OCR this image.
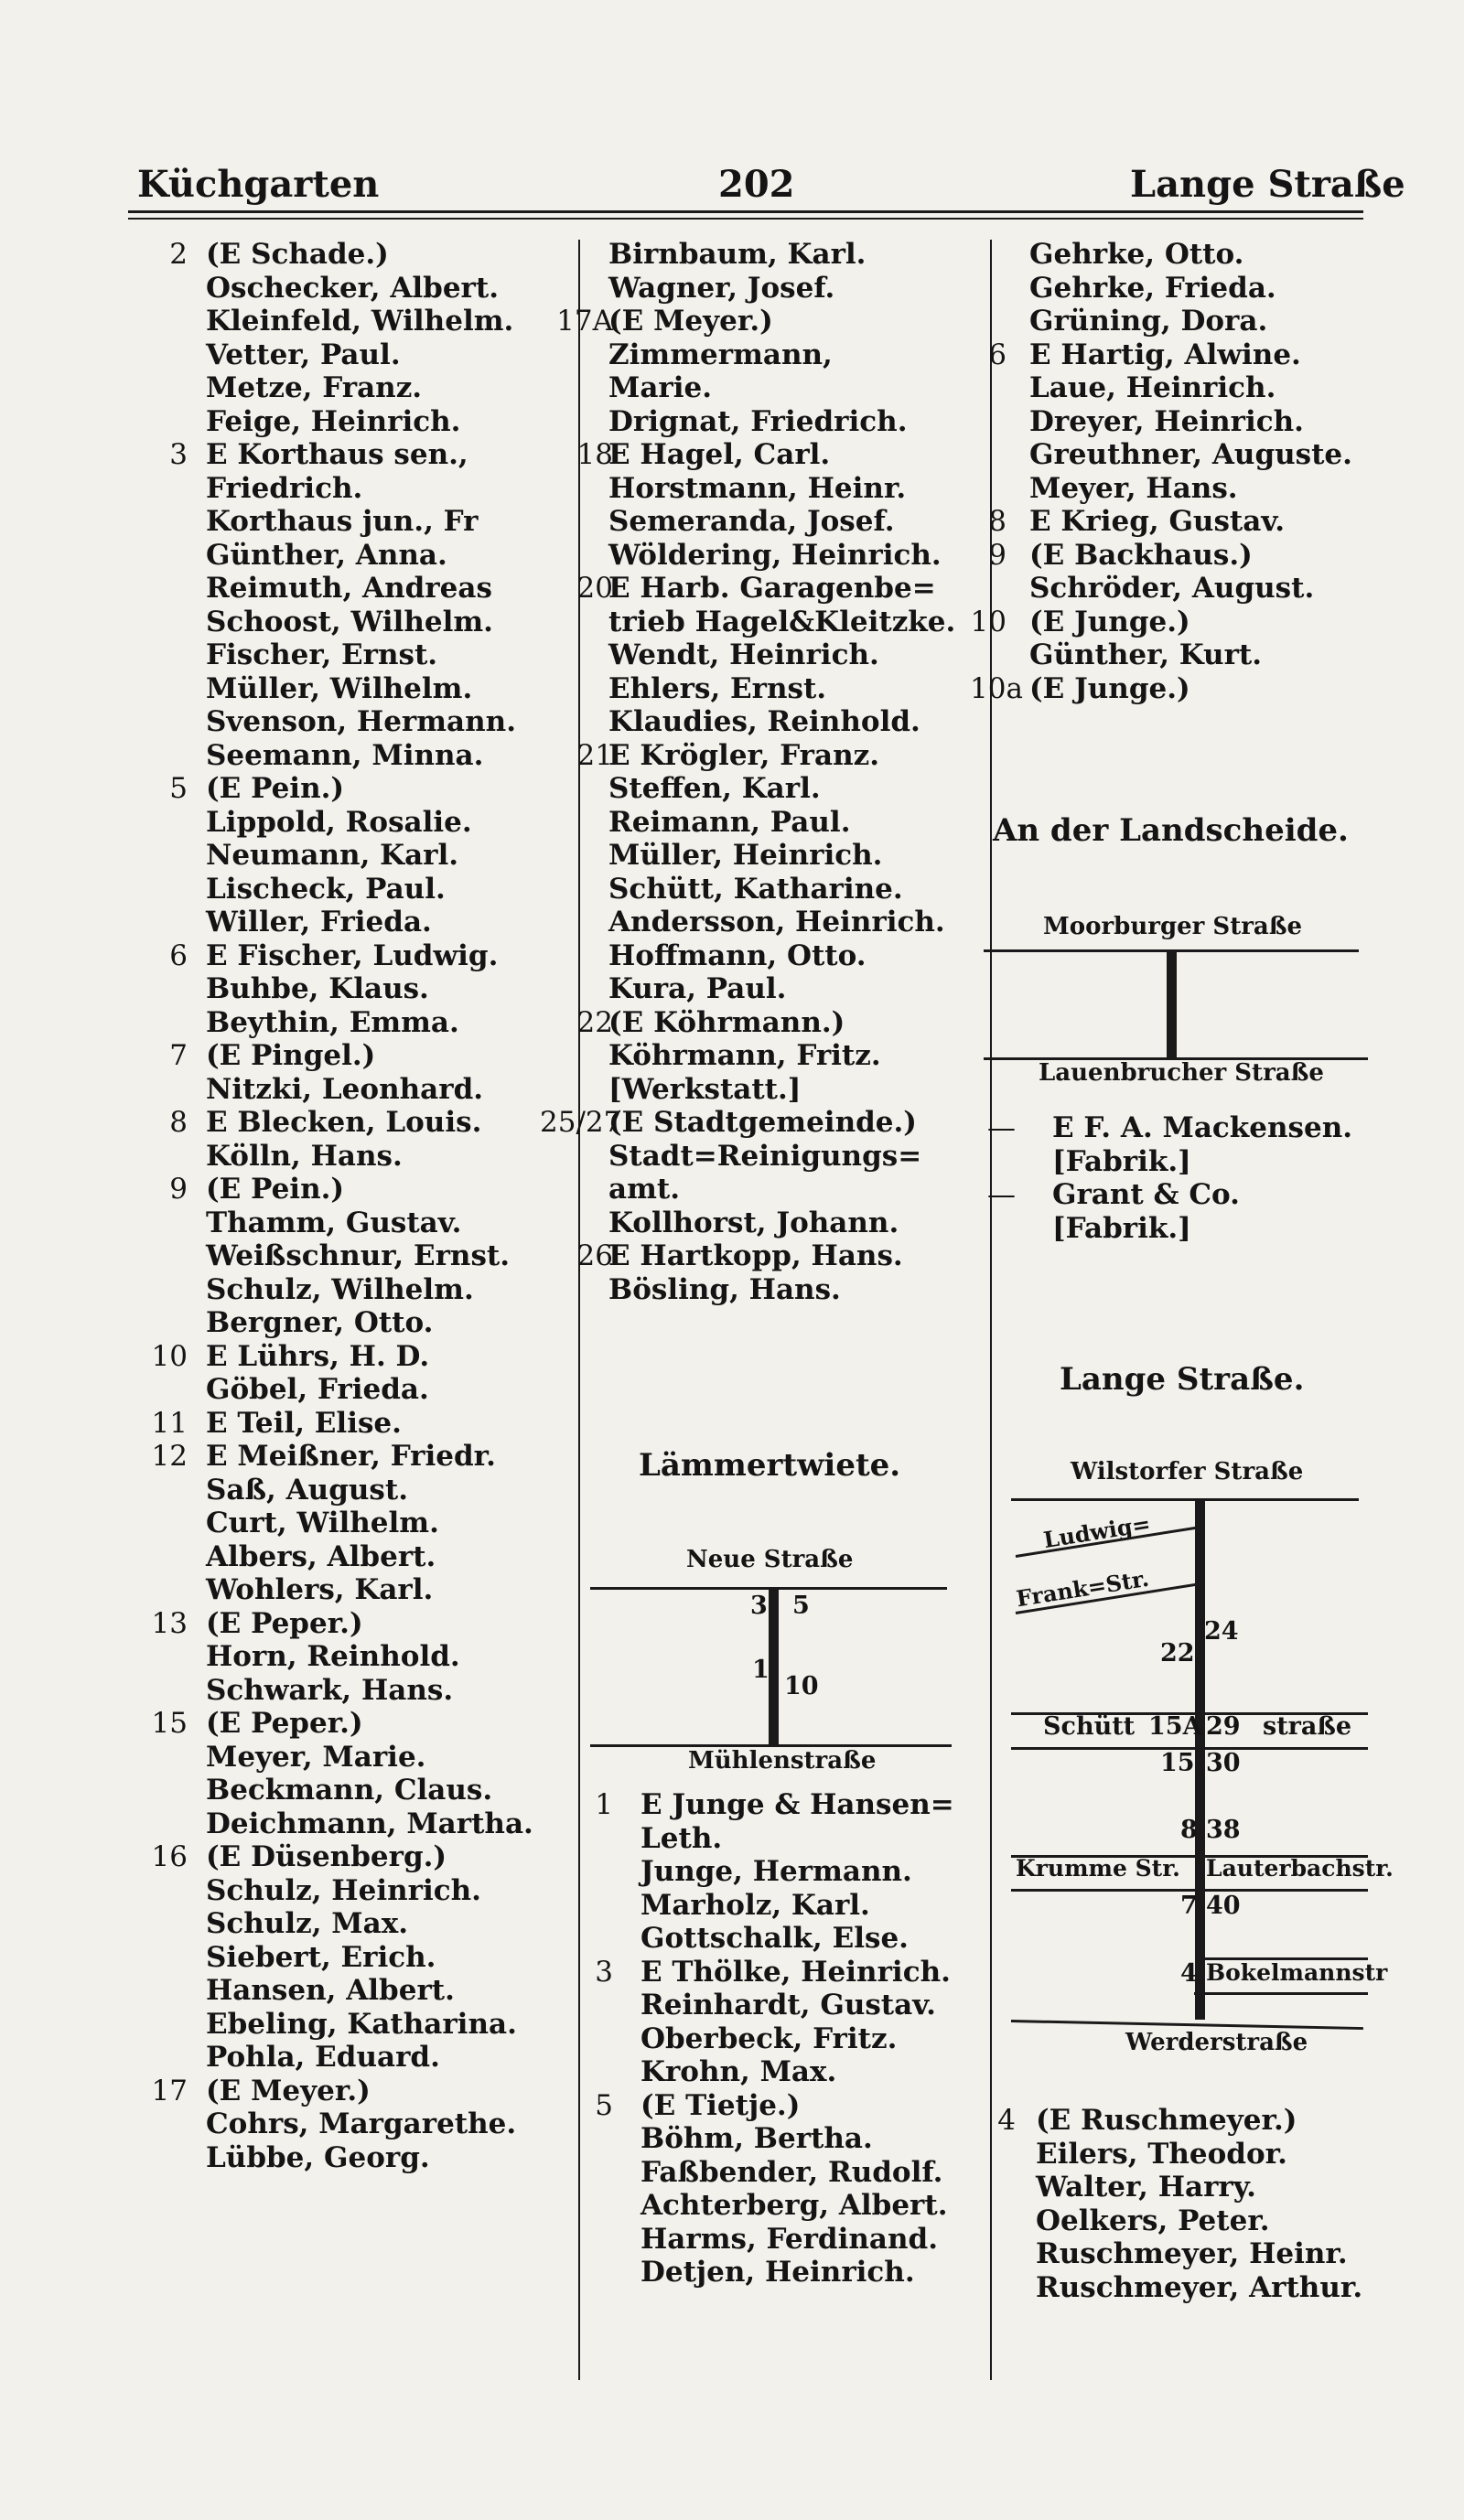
Küchgarten	202	Lange Straße
2 (E Schade.)
Oschecker, Albert.
Kleinfeld, Wilhelm.
Vetter, Paul.
Metze, Franz.
Feige, Heinrich.
3 E Korthaus sen.,
Friedrich.
Korthaus jun., Fr
Günther, Anna.
Reimuth, Andreas
Schoost, Wilhelm.
Fischer, Ernst.
Müller, Wilhelm.
Svenson, Hermann.
Seemann, Minna.
5 (E Pein.)
Lippold, Rosalie.
Neumann, Karl.
Lischeck, Paul.
Willer, Frieda.
6 E Fischer, Ludwig.
Buhbe, Klaus.
Beythin, Emma.
7 (E Pingel.)
Nitzki, Leonhard.
8 E Blecken, Louis.
Kölln, Hans.
9 (E Pein.)
Thamm, Gustav.
Weißschnur, Ernst.
Schulz, Wilhelm.
Bergner, Otto.
10 E Lührs, H. D.
Göbel, Frieda.
11 E Teil, Elise.
12 E Meißner, Friedr.
Saß, August.
Curt, Wilhelm.
Albers, Albert.
Wohlers, Karl.
13 (E Peper.)
Horn, Reinhold.
Schwark, Hans.
15 (E Peper.)
Meyer, Marie.
Beckmann, Claus.
Deichmann, Martha.
16 (E Düsenberg.)
Schulz, Heinrich.
Schulz, Max.
Siebert, Erich.
Hansen, Albert.
Ebeling, Katharina.
Pohla, Eduard.
17 (E Meyer.)
Cohrs, Margarethe.
Lübbe, Georg.
Birnbaum, Karl.
Wagner, Josef.
17A
(E Meyer.)
Zimmermann,
Marie.
Drignat, Friedrich.
18
E Hagel, Carl.
Horstmann, Heinr.
Semeranda, Josef.
Wöldering, Heinrich.
20
E Harb. Garagenbe=
trieb Hagel&Kleitzke.
Wendt, Heinrich.
Ehlers, Ernst.
Klaudies, Reinhold.
21
E Krögler, Franz.
Steffen, Karl.
Reimann, Paul.
Müller, Heinrich.
Schütt, Katharine.
Andersson, Heinrich.
Hoffmann, Otto.
Kura, Paul.
22
(E Köhrmann.)
Köhrmann, Fritz.
[Werkstatt.]
25/27
(E Stadtgemeinde.)
Stadt=Reinigungs=
amt.
Kollhorst, Johann.
26
E Hartkopp, Hans.
Bösling, Hans.
Lämmertwiete.
Neue Straße
3 5
1
10
Mühlenstraße
1 E Junge & Hansen=
Leth.
Junge, Hermann.
Marholz, Karl.
Gottschalk, Else.
3 E Thölke, Heinrich.
Reinhardt, Gustav.
Oberbeck, Fritz.
Krohn, Max.
5 (E Tietje.)
Böhm, Bertha.
Faßbender, Rudolf.
Achterberg, Albert.
Harms, Ferdinand.
Detjen, Heinrich.
Gehrke, Otto.
Gehrke, Frieda.
Grüning, Dora.
6 E Hartig, Alwine.
Laue, Heinrich.
Dreyer, Heinrich.
Greuthner, Auguste.
Meyer, Hans.
8 E Krieg, Gustav.
9 (E Backhaus.)
Schröder, August.
10 (E Junge.)
Günther, Kurt.
10a (E Junge.)
An der Landscheide.
Moorburger Straße
Lauenbrucher Straße
— E F. A. Mackensen.
[Fabrik.]
— Grant & Co.
[Fabrik.]
Lange Straße.
Wilstorfer Straße
Ludwig=
Frank=Str.
24
22
Schütt 15A 29 straße
15 30
8 38
Krumme Str. Lauterbachstr.
7 40
4 Bokelmannstr
Werderstraße
4 (E Ruschmeyer.)
Eilers, Theodor.
Walter, Harry.
Oelkers, Peter.
Ruschmeyer, Heinr.
Ruschmeyer, Arthur.
